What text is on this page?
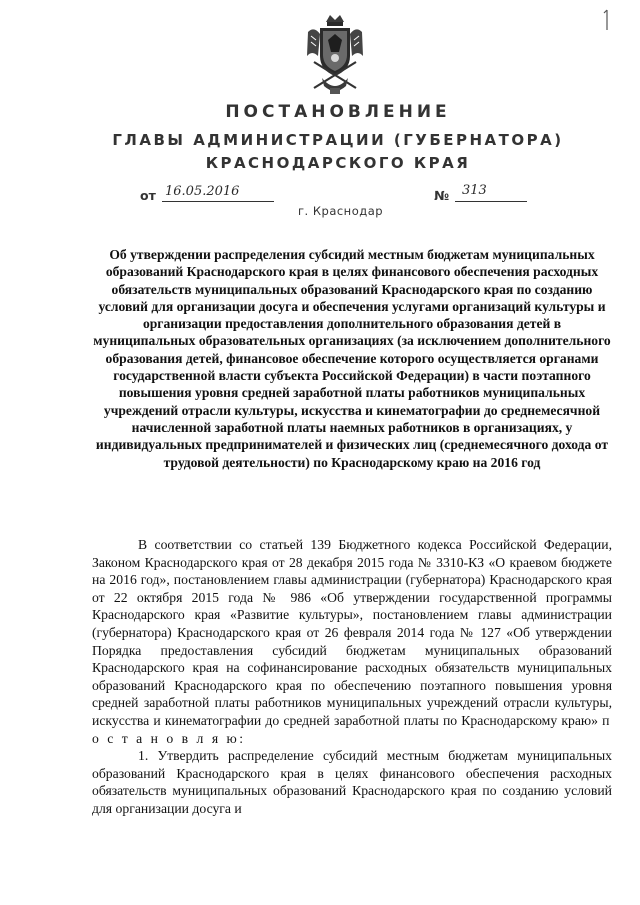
ПОСТАНОВЛЕНИЕ
ГЛАВЫ АДМИНИСТРАЦИИ (ГУБЕРНАТОРА)
КРАСНОДАРСКОГО КРАЯ
от 16.05.2016	№ 313
г. Краснодар
Об утверждении распределения субсидий местным бюджетам муниципальных образований Краснодарского края в целях финансового обеспечения расходных обязательств муниципальных образований Краснодарского края по созданию условий для организации досуга и обеспечения услугами организаций культуры и организации предоставления дополнительного образования детей в муниципальных образовательных организациях (за исключением дополнительного образования детей, финансовое обеспечение которого осуществляется органами государственной власти субъекта Российской Федерации) в части поэтапного повышения уровня средней заработной платы работников муниципальных учреждений отрасли культуры, искусства и кинематографии до среднемесячной начисленной заработной платы наемных работников в организациях, у индивидуальных предпринимателей и физических лиц (среднемесячного дохода от трудовой деятельности) по Краснодарскому краю на 2016 год

В соответствии со статьей 139 Бюджетного кодекса Российской Федерации, Законом Краснодарского края от 28 декабря 2015 года № 3310-КЗ «О краевом бюджете на 2016 год», постановлением главы администрации (губернатора) Краснодарского края от 22 октября 2015 года № 986 «Об утверждении государственной программы Краснодарского края «Развитие культуры», постановлением главы администрации (губернатора) Краснодарского края от 26 февраля 2014 года № 127 «Об утверждении Порядка предоставления субсидий бюджетам муниципальных образований Краснодарского края на софинансирование расходных обязательств муниципальных образований Краснодарского края по обеспечению поэтапного повышения уровня средней заработной платы работников муниципальных учреждений отрасли культуры, искусства и кинематографии до средней заработной платы по Краснодарскому краю» п о с т а н о в л я ю:

1. Утвердить распределение субсидий местным бюджетам муниципальных образований Краснодарского края в целях финансового обеспечения расходных обязательств муниципальных образований Краснодарского края по созданию условий для организации досуга и
